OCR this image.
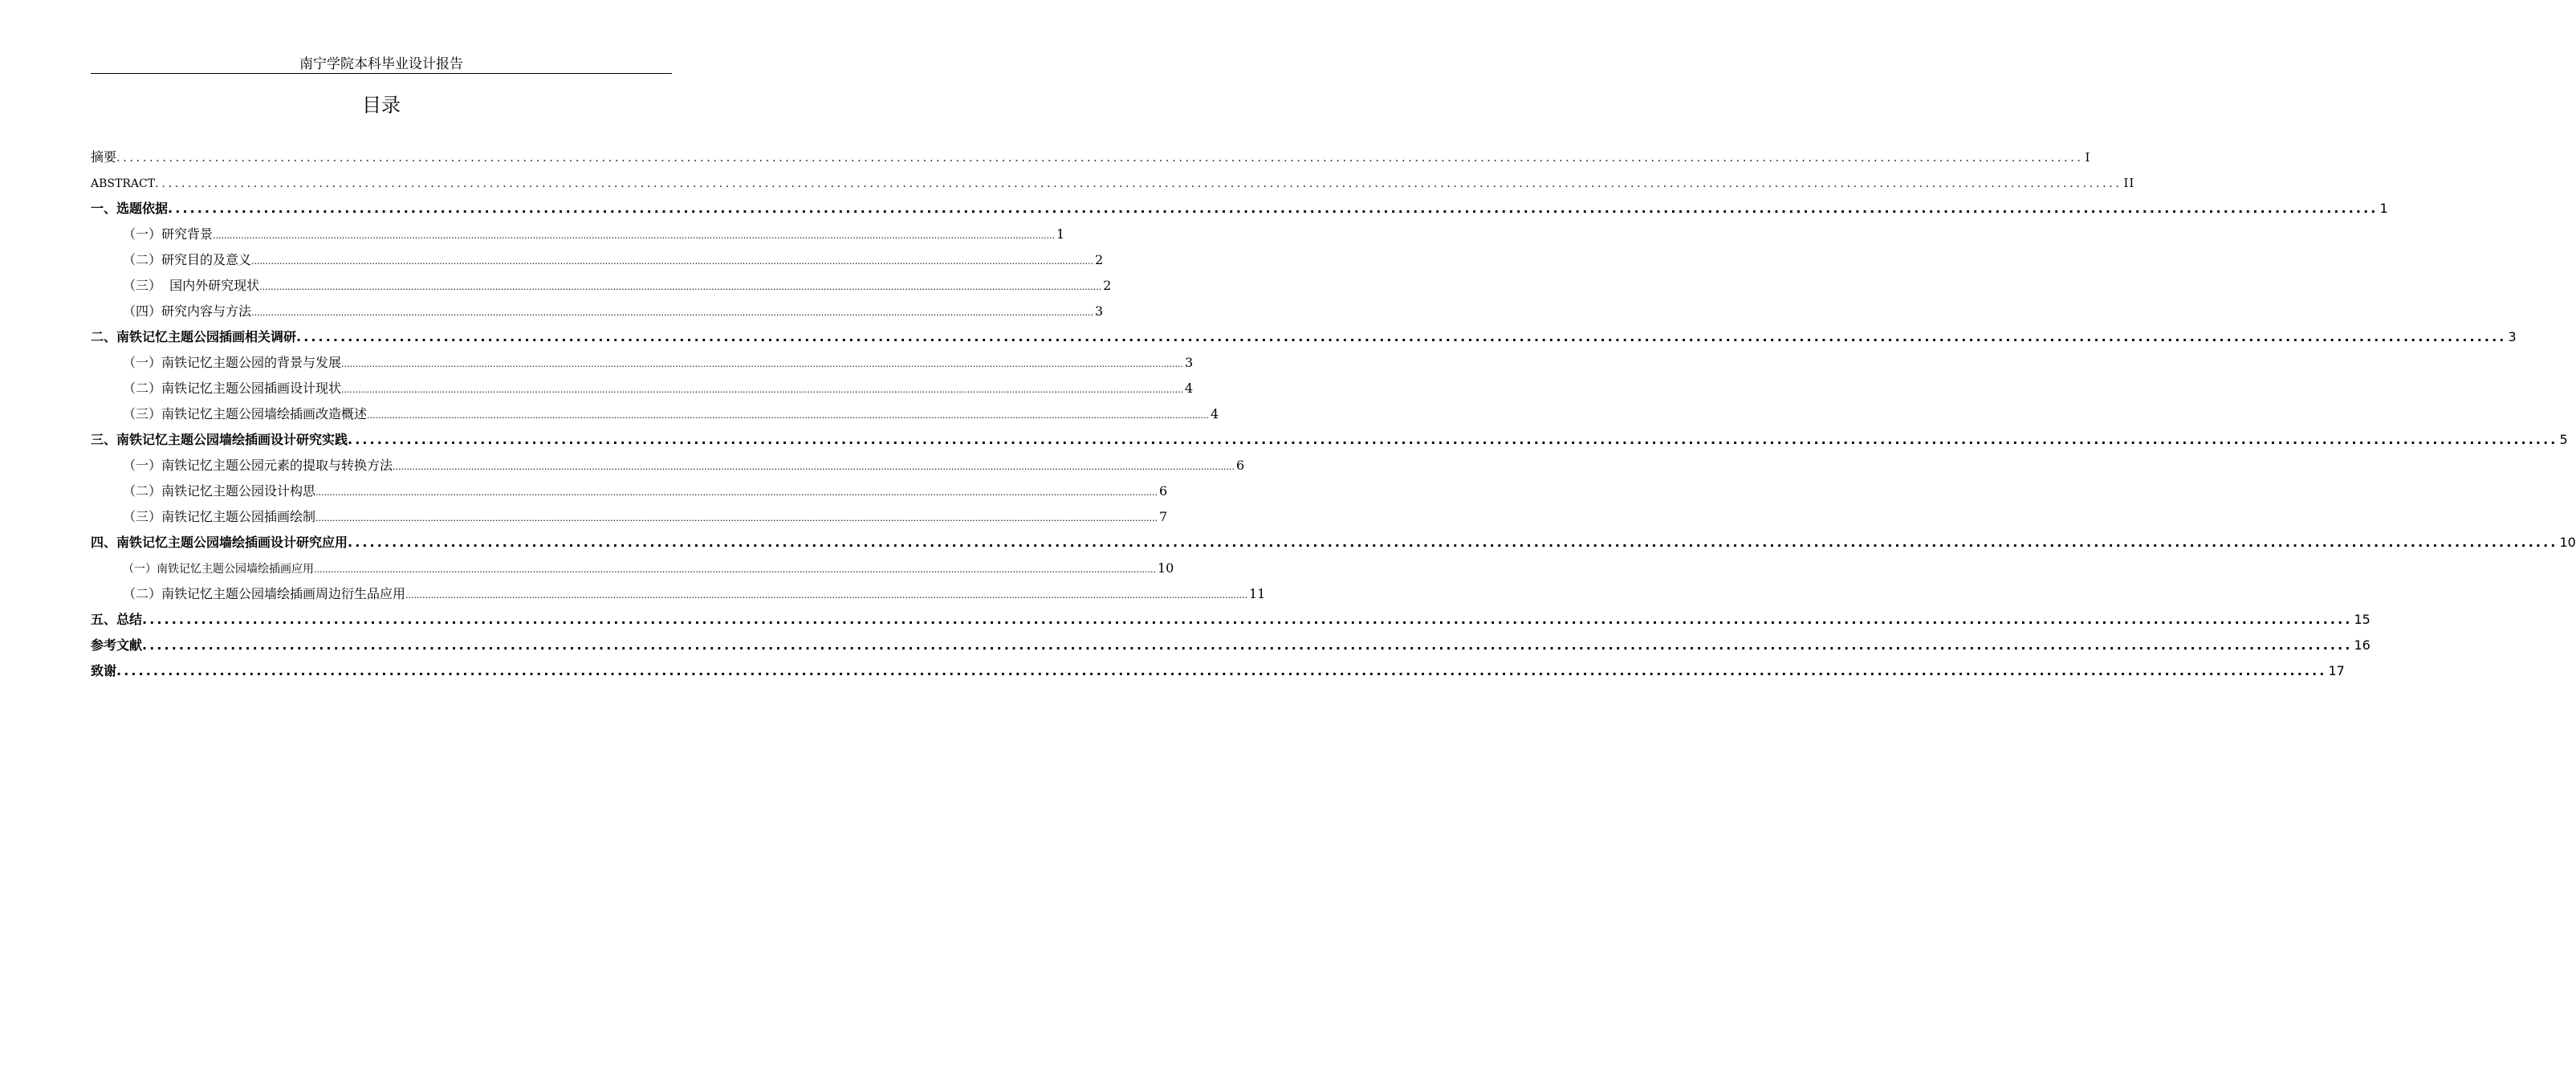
南宁学院本科毕业设计报告
目录
摘要 ............................................................................................................................................................................................................................................................................................................ I
ABSTRACT ............................................................................................................................................................................................................................................................................................................ II
一、选题依据 ............................................................................................................................................................................................................................................................................................................ 1
（一）研究背景 ............................................................................................................................................................................................................................................................................................................ 1
（二）研究目的及意义 ............................................................................................................................................................................................................................................................................................................ 2
（三）  国内外研究现状 ............................................................................................................................................................................................................................................................................................................ 2
（四）研究内容与方法 ............................................................................................................................................................................................................................................................................................................ 3
二、南铁记忆主题公园插画相关调研 ............................................................................................................................................................................................................................................................................................................ 3
（一）南铁记忆主题公园的背景与发展 ............................................................................................................................................................................................................................................................................................................ 3
（二）南铁记忆主题公园插画设计现状 ............................................................................................................................................................................................................................................................................................................ 4
（三）南铁记忆主题公园墙绘插画改造概述 ............................................................................................................................................................................................................................................................................................................ 4
三、南铁记忆主题公园墙绘插画设计研究实践 ............................................................................................................................................................................................................................................................................................................ 5
（一）南铁记忆主题公园元素的提取与转换方法 ............................................................................................................................................................................................................................................................................................................ 6
（二）南铁记忆主题公园设计构思 ............................................................................................................................................................................................................................................................................................................ 6
（三）南铁记忆主题公园插画绘制 ............................................................................................................................................................................................................................................................................................................ 7
四、南铁记忆主题公园墙绘插画设计研究应用 ............................................................................................................................................................................................................................................................................................................ 10
（一）南铁记忆主题公园墙绘插画应用 ............................................................................................................................................................................................................................................................................................................ 10
（二）南铁记忆主题公园墙绘插画周边衍生品应用 ............................................................................................................................................................................................................................................................................................................ 11
五、总结 ............................................................................................................................................................................................................................................................................................................ 15
参考文献 ............................................................................................................................................................................................................................................................................................................ 16
致谢 ............................................................................................................................................................................................................................................................................................................ 17
